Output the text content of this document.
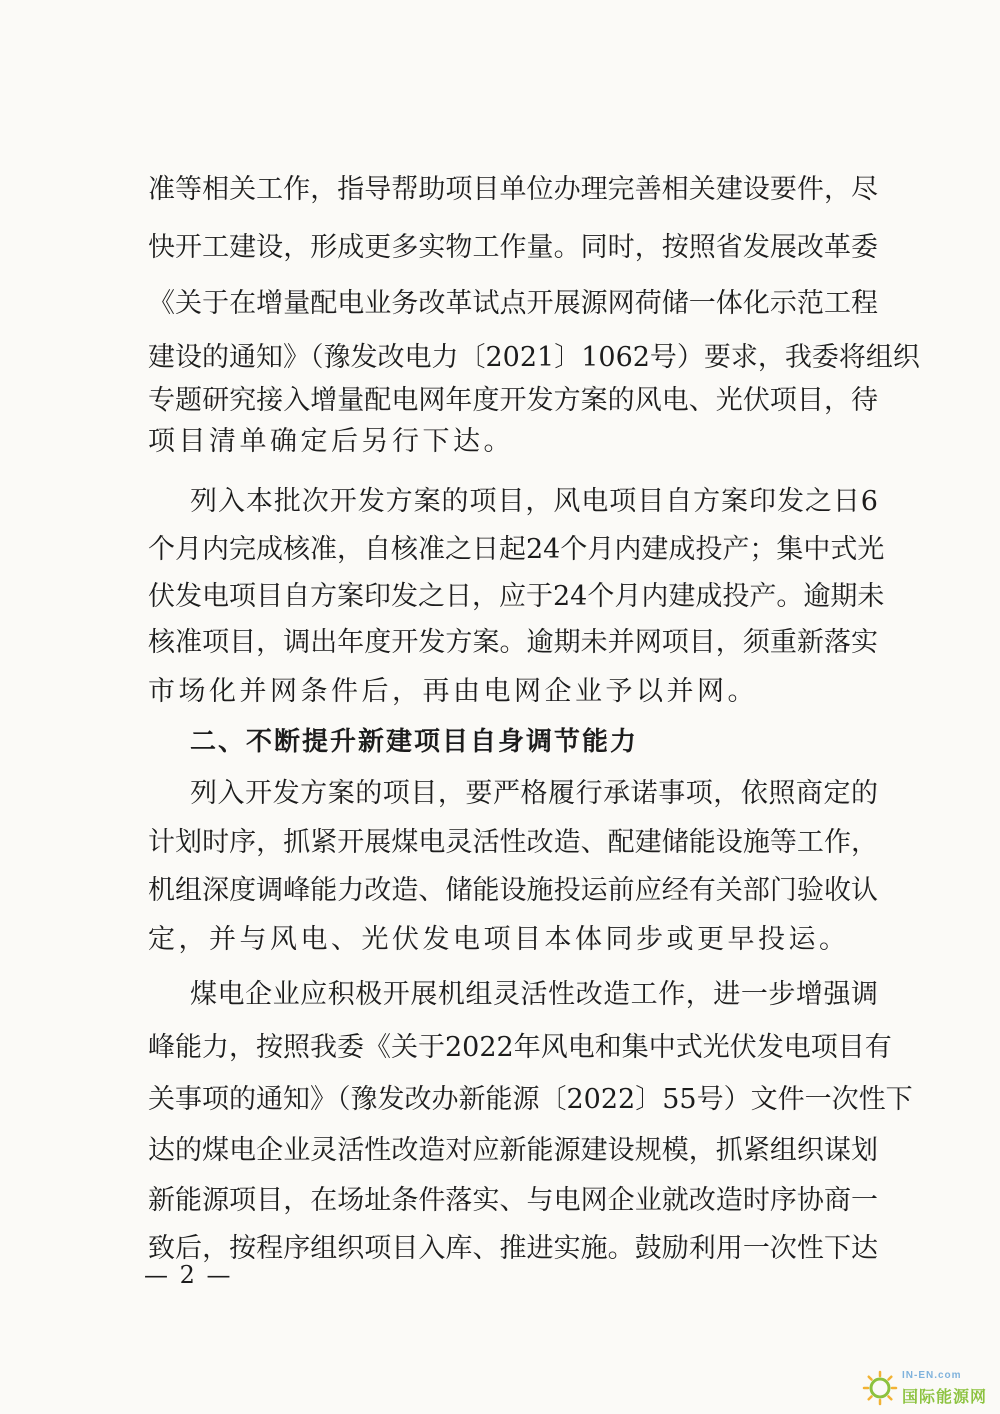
准等相关工作，指导帮助项目单位办理完善相关建设要件，尽
快开工建设，形成更多实物工作量。同时，按照省发展改革委
《关于在增量配电业务改革试点开展源网荷储一体化示范工程
建设的通知》（豫发改电力〔2021〕1062号）要求，我委将组织
专题研究接入增量配电网年度开发方案的风电、光伏项目，待
项目清单确定后另行下达。
列入本批次开发方案的项目，风电项目自方案印发之日6
个月内完成核准，自核准之日起24个月内建成投产；集中式光
伏发电项目自方案印发之日，应于24个月内建成投产。逾期未
核准项目，调出年度开发方案。逾期未并网项目，须重新落实
市场化并网条件后，再由电网企业予以并网。
二、不断提升新建项目自身调节能力
列入开发方案的项目，要严格履行承诺事项，依照商定的
计划时序，抓紧开展煤电灵活性改造、配建储能设施等工作，
机组深度调峰能力改造、储能设施投运前应经有关部门验收认
定，并与风电、光伏发电项目本体同步或更早投运。
煤电企业应积极开展机组灵活性改造工作，进一步增强调
峰能力，按照我委《关于2022年风电和集中式光伏发电项目有
关事项的通知》（豫发改办新能源〔2022〕55号）文件一次性下
达的煤电企业灵活性改造对应新能源建设规模，抓紧组织谋划
新能源项目，在场址条件落实、与电网企业就改造时序协商一
致后，按程序组织项目入库、推进实施。鼓励利用一次性下达
— 2 —
IN-EN.com
国际能源网
